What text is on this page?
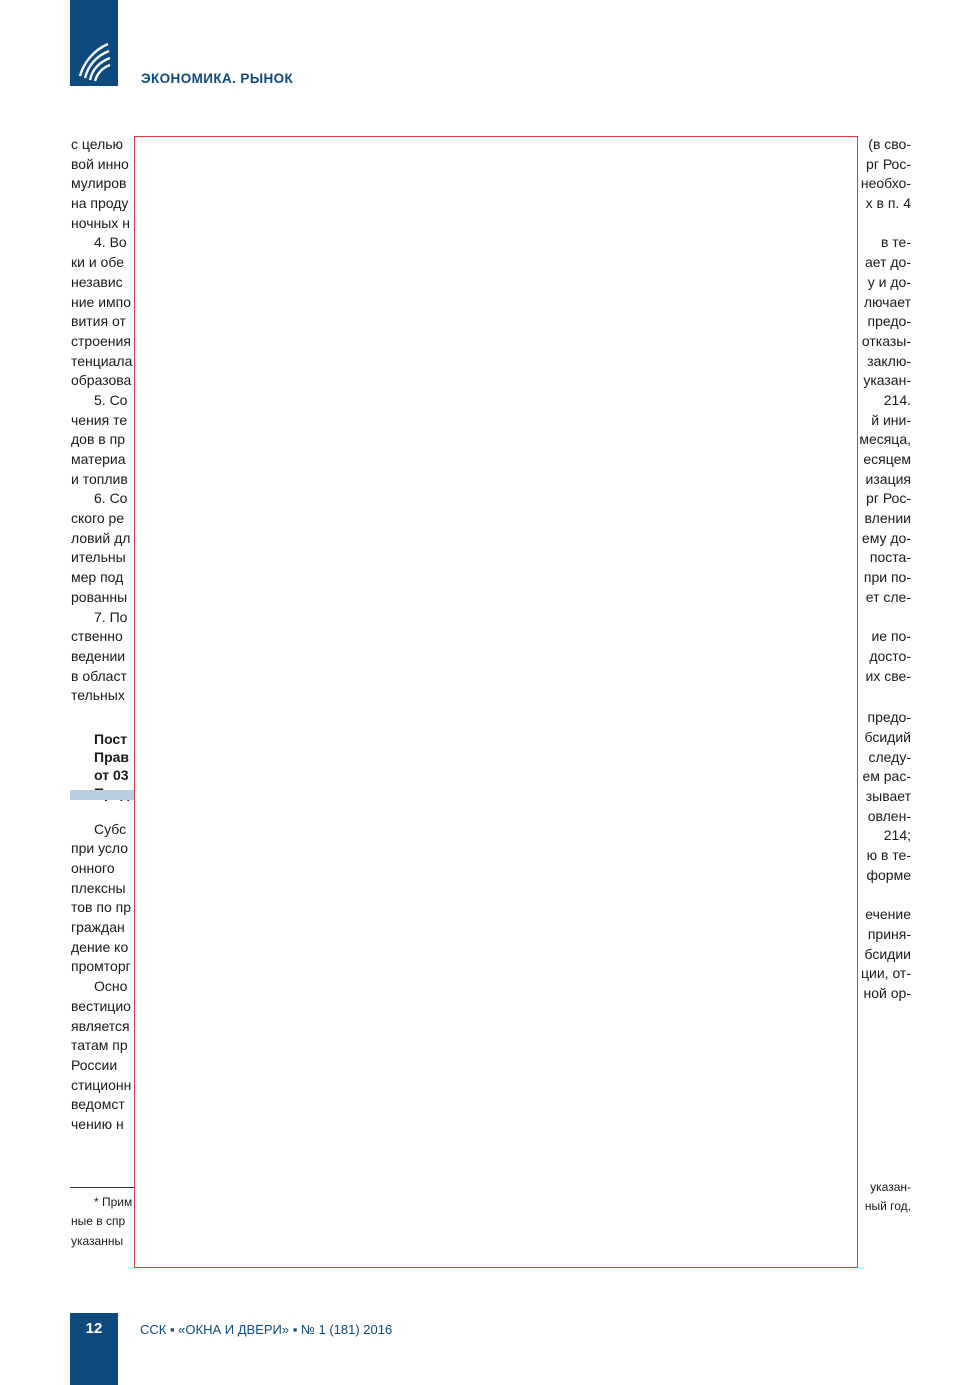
ЭКОНОМИКА. РЫНОК
с целью
вой инно
мулиров
на проду
ночных н
4. Во
ки и обе
независ
ние импо
вития от
строения
тенциала
образова
5. Со
чения те
дов в пр
материа
и топлив
6. Со
ского ре
ловий дл
ительны
мер под
рованны
7. По
ственно
ведении
в област
тельных
Пост
Прав
от 03
Субс
при усло
онного
плексны
тов по пр
граждан
дение ко
промторг
Осно
вестицио
является
татам пр
России
стиционн
ведомст
чению н
* Прим
ные в спр
указанны
(в сво-
рг Рос-
необхо-
х в п. 4
в те-
ает до-
у и до-
лючает
предо-
отказы-
заклю-
указан-
214.
й ини-
месяца,
есяцем
изация
рг Рос-
влении
ему до-
поста-
при по-
ет сле-
ие по-
досто-
их све-
предо-
бсидий
следу-
ем рас-
зывает
овлен-
214;
ю в те-
форме
ечение
приня-
бсидии
ции, от-
ной ор-
указан-
ный год,
12	ССК ▪ «ОКНА И ДВЕРИ» ▪ № 1 (181) 2016
